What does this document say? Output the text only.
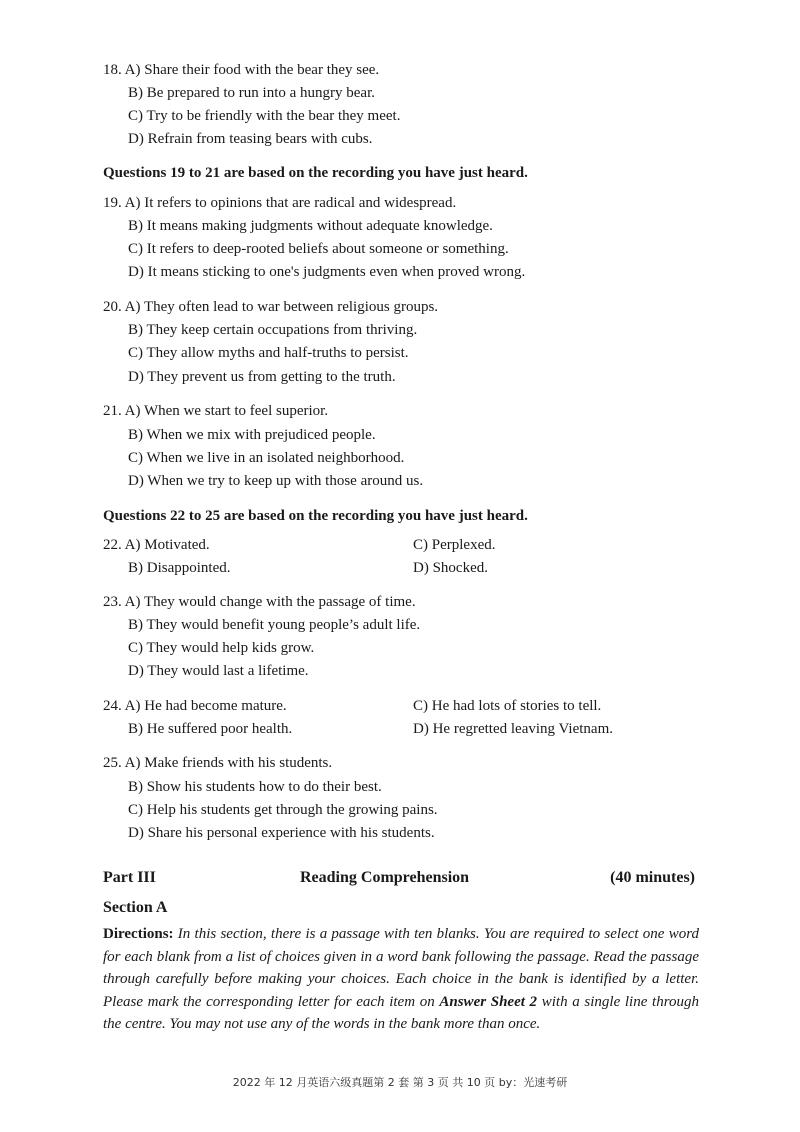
18. A) Share their food with the bear they see.
B) Be prepared to run into a hungry bear.
C) Try to be friendly with the bear they meet.
D) Refrain from teasing bears with cubs.
Questions 19 to 21 are based on the recording you have just heard.
19. A) It refers to opinions that are radical and widespread.
B) It means making judgments without adequate knowledge.
C) It refers to deep-rooted beliefs about someone or something.
D) It means sticking to one's judgments even when proved wrong.
20. A) They often lead to war between religious groups.
B) They keep certain occupations from thriving.
C) They allow myths and half-truths to persist.
D) They prevent us from getting to the truth.
21. A) When we start to feel superior.
B) When we mix with prejudiced people.
C) When we live in an isolated neighborhood.
D) When we try to keep up with those around us.
Questions 22 to 25 are based on the recording you have just heard.
22. A) Motivated.	C) Perplexed.
B) Disappointed.	D) Shocked.
23. A) They would change with the passage of time.
B) They would benefit young people’s adult life.
C) They would help kids grow.
D) They would last a lifetime.
24. A) He had become mature.	C) He had lots of stories to tell.
B) He suffered poor health.	D) He regretted leaving Vietnam.
25. A) Make friends with his students.
B) Show his students how to do their best.
C) Help his students get through the growing pains.
D) Share his personal experience with his students.
Part III	Reading Comprehension	(40 minutes)
Section A
Directions: In this section, there is a passage with ten blanks. You are required to select one word for each blank from a list of choices given in a word bank following the passage. Read the passage through carefully before making your choices. Each choice in the bank is identified by a letter. Please mark the corresponding letter for each item on Answer Sheet 2 with a single line through the centre. You may not use any of the words in the bank more than once.
2022 年 12 月英语六级真题第 2 套 第 3 页 共 10 页 by：光速考研
